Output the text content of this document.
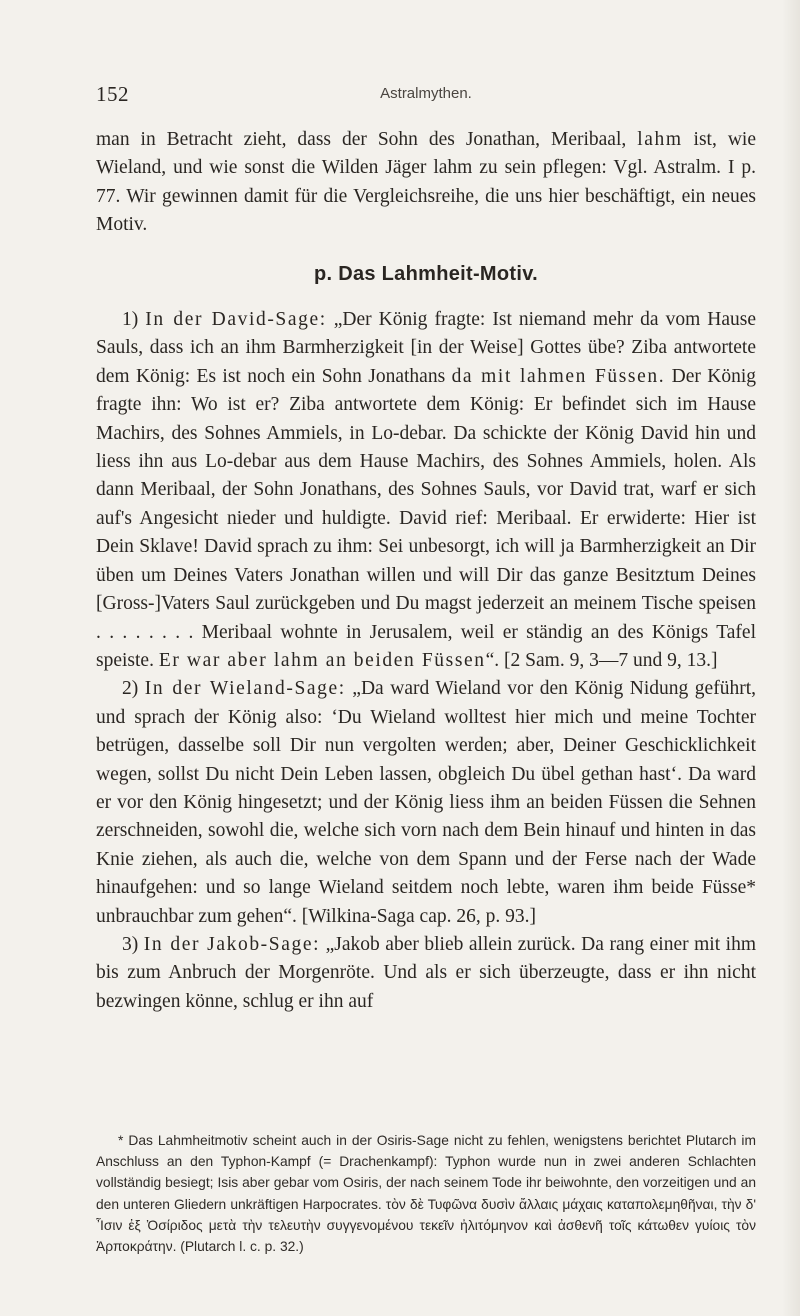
152	Astralmythen.

man in Betracht zieht, dass der Sohn des Jonathan, Meribaal, lahm ist, wie Wieland, und wie sonst die Wilden Jäger lahm zu sein pflegen: Vgl. Astralm. I p. 77. Wir gewinnen damit für die Vergleichsreihe, die uns hier beschäftigt, ein neues Motiv.

p. Das Lahmheit-Motiv.

1) In der David-Sage: „Der König fragte: Ist niemand mehr da vom Hause Sauls, dass ich an ihm Barmherzigkeit [in der Weise] Gottes übe? Ziba antwortete dem König: Es ist noch ein Sohn Jonathans da mit lahmen Füssen. Der König fragte ihn: Wo ist er? Ziba antwortete dem König: Er befindet sich im Hause Machirs, des Sohnes Ammiels, in Lo-debar. Da schickte der König David hin und liess ihn aus Lo-debar aus dem Hause Machirs, des Sohnes Ammiels, holen. Als dann Meribaal, der Sohn Jonathans, des Sohnes Sauls, vor David trat, warf er sich auf's Angesicht nieder und huldigte. David rief: Meribaal. Er erwiderte: Hier ist Dein Sklave! David sprach zu ihm: Sei unbesorgt, ich will ja Barmherzigkeit an Dir üben um Deines Vaters Jonathan willen und will Dir das ganze Besitztum Deines [Gross-]Vaters Saul zurückgeben und Du magst jederzeit an meinem Tische speisen . . . . . . . . Meribaal wohnte in Jerusalem, weil er ständig an des Königs Tafel speiste. Er war aber lahm an beiden Füssen“. [2 Sam. 9, 3—7 und 9, 13.]

2) In der Wieland-Sage: „Da ward Wieland vor den König Nidung geführt, und sprach der König also: ‘Du Wieland wolltest hier mich und meine Tochter betrügen, dasselbe soll Dir nun vergolten werden; aber, Deiner Geschicklichkeit wegen, sollst Du nicht Dein Leben lassen, obgleich Du übel gethan hast‘. Da ward er vor den König hingesetzt; und der König liess ihm an beiden Füssen die Sehnen zerschneiden, sowohl die, welche sich vorn nach dem Bein hinauf und hinten in das Knie ziehen, als auch die, welche von dem Spann und der Ferse nach der Wade hinaufgehen: und so lange Wieland seitdem noch lebte, waren ihm beide Füsse* unbrauchbar zum gehen“. [Wilkina-Saga cap. 26, p. 93.]

3) In der Jakob-Sage: „Jakob aber blieb allein zurück. Da rang einer mit ihm bis zum Anbruch der Morgenröte. Und als er sich überzeugte, dass er ihn nicht bezwingen könne, schlug er ihn auf

* Das Lahmheitmotiv scheint auch in der Osiris-Sage nicht zu fehlen, wenigstens berichtet Plutarch im Anschluss an den Typhon-Kampf (= Drachenkampf): Typhon wurde nun in zwei anderen Schlachten vollständig besiegt; Isis aber gebar vom Osiris, der nach seinem Tode ihr beiwohnte, den vorzeitigen und an den unteren Gliedern unkräftigen Harpocrates. τὸν δὲ Τυφῶνα δυσὶν ἄλλαις μάχαις καταπολεμηθῆναι, τὴν δ' Ἶσιν ἐξ Ὀσίριδος μετὰ τὴν τελευτὴν συγγενομένου τεκεῖν ἠλιτόμηνον καὶ ἀσθενῆ τοῖς κάτωθεν γυίοις τὸν Ἁρποκράτην. (Plutarch l. c. p. 32.)
